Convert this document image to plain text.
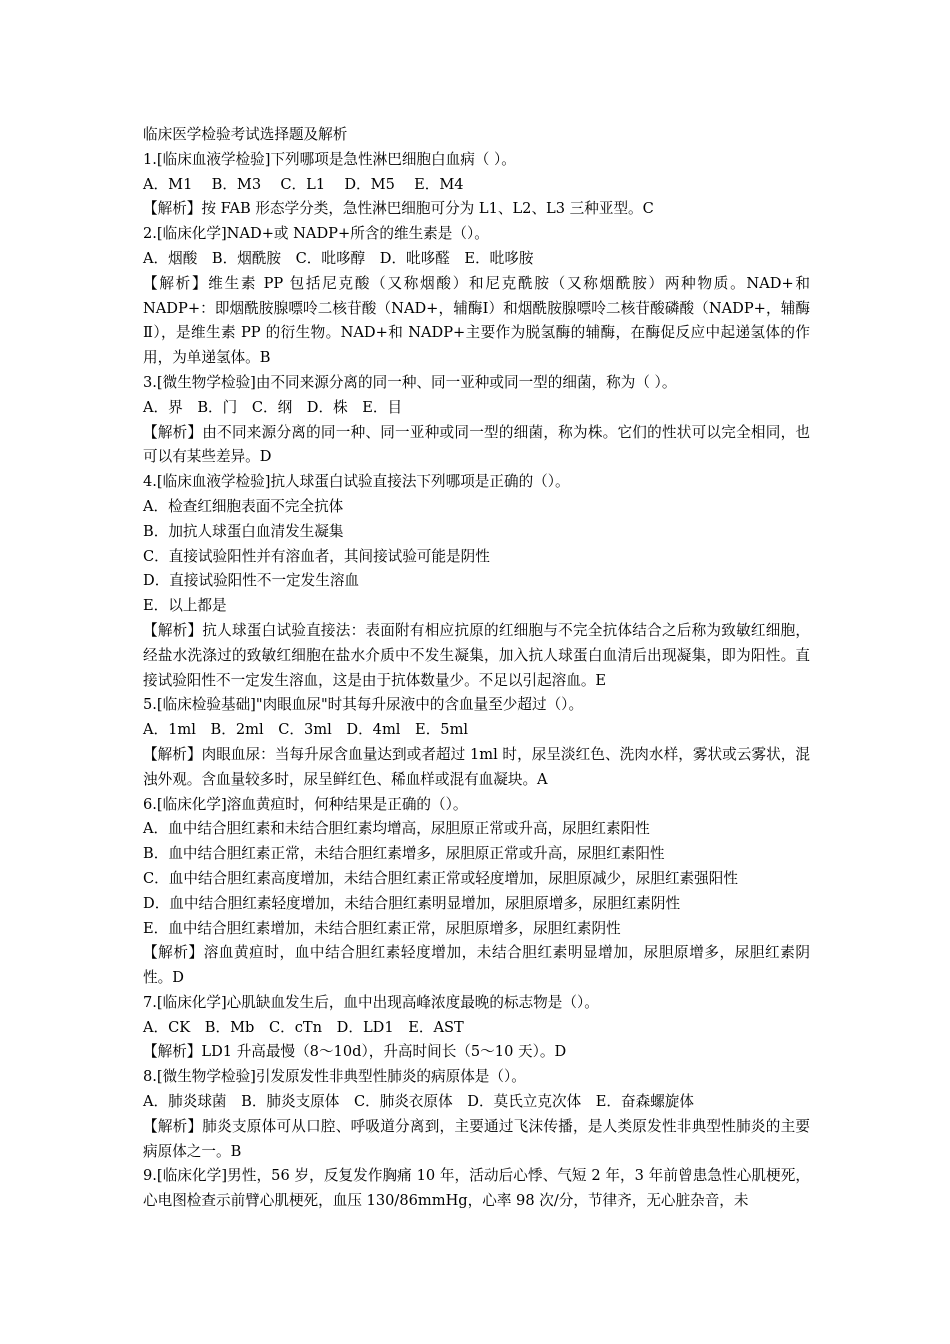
临床医学检验考试选择题及解析

1.[临床血液学检验]下列哪项是急性淋巴细胞白血病（ ）。

A．M1　 B．M3　 C．L1　 D．M5　 E．M4

【解析】按 FAB 形态学分类，急性淋巴细胞可分为 L1、L2、L3 三种亚型。C

2.[临床化学]NAD+或 NADP+所含的维生素是（）。

A．烟酸　B．烟酰胺　C．吡哆醇　D．吡哆醛　E．吡哆胺

【解析】维生素 PP 包括尼克酸（又称烟酸）和尼克酰胺（又称烟酰胺）两种物质。NAD+和 NADP+：即烟酰胺腺嘌呤二核苷酸（NAD+，辅酶Ⅰ）和烟酰胺腺嘌呤二核苷酸磷酸（NADP+，辅酶Ⅱ），是维生素 PP 的衍生物。NAD+和 NADP+主要作为脱氢酶的辅酶，在酶促反应中起递氢体的作用，为单递氢体。B

3.[微生物学检验]由不同来源分离的同一种、同一亚种或同一型的细菌，称为（ ）。

A．界　B．门　C．纲　D．株　E．目

【解析】由不同来源分离的同一种、同一亚种或同一型的细菌，称为株。它们的性状可以完全相同，也可以有某些差异。D

4.[临床血液学检验]抗人球蛋白试验直接法下列哪项是正确的（）。

A．检查红细胞表面不完全抗体

B．加抗人球蛋白血清发生凝集

C．直接试验阳性并有溶血者，其间接试验可能是阴性

D．直接试验阳性不一定发生溶血

E．以上都是

【解析】抗人球蛋白试验直接法：表面附有相应抗原的红细胞与不完全抗体结合之后称为致敏红细胞，经盐水洗涤过的致敏红细胞在盐水介质中不发生凝集，加入抗人球蛋白血清后出现凝集，即为阳性。直接试验阳性不一定发生溶血，这是由于抗体数量少。不足以引起溶血。E

5.[临床检验基础]"肉眼血尿"时其每升尿液中的含血量至少超过（）。

A．1ml　B．2ml　C．3ml　D．4ml　E．5ml

【解析】肉眼血尿：当每升尿含血量达到或者超过 1ml 时，尿呈淡红色、洗肉水样，雾状或云雾状，混浊外观。含血量较多时，尿呈鲜红色、稀血样或混有血凝块。A

6.[临床化学]溶血黄疸时，何种结果是正确的（）。

A．血中结合胆红素和未结合胆红素均增高，尿胆原正常或升高，尿胆红素阳性

B．血中结合胆红素正常，未结合胆红素增多，尿胆原正常或升高，尿胆红素阳性

C．血中结合胆红素高度增加，未结合胆红素正常或轻度增加，尿胆原减少，尿胆红素强阳性

D．血中结合胆红素轻度增加，未结合胆红素明显增加，尿胆原增多，尿胆红素阴性

E．血中结合胆红素增加，未结合胆红素正常，尿胆原增多，尿胆红素阴性

【解析】溶血黄疸时，血中结合胆红素轻度增加，未结合胆红素明显增加，尿胆原增多，尿胆红素阴性。D

7.[临床化学]心肌缺血发生后，血中出现高峰浓度最晚的标志物是（）。

A．CK　B．Mb　C．cTn　D．LD1　E．AST

【解析】LD1 升高最慢（8～10d），升高时间长（5～10 天）。D

8.[微生物学检验]引发原发性非典型性肺炎的病原体是（）。

A．肺炎球菌　B．肺炎支原体　C．肺炎衣原体　D．莫氏立克次体　E．奋森螺旋体

【解析】肺炎支原体可从口腔、呼吸道分离到，主要通过飞沫传播，是人类原发性非典型性肺炎的主要病原体之一。B

9.[临床化学]男性，56 岁，反复发作胸痛 10 年，活动后心悸、气短 2 年，3 年前曾患急性心肌梗死，心电图检查示前臂心肌梗死，血压 130/86mmHg，心率 98 次/分，节律齐，无心脏杂音，未
